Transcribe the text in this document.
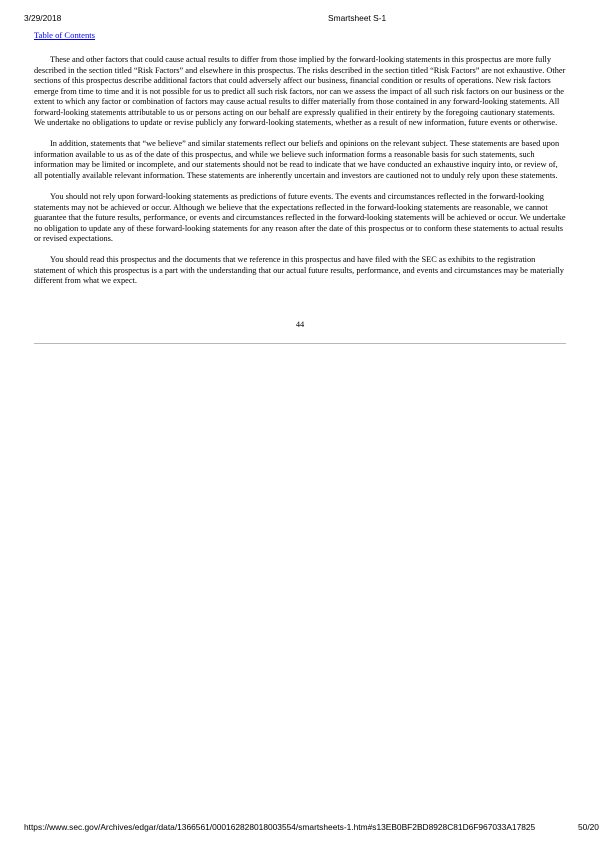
3/29/2018	Smartsheet S-1
Table of Contents

These and other factors that could cause actual results to differ from those implied by the forward-looking statements in this prospectus are more fully described in the section titled “Risk Factors” and elsewhere in this prospectus. The risks described in the section titled “Risk Factors” are not exhaustive. Other sections of this prospectus describe additional factors that could adversely affect our business, financial condition or results of operations. New risk factors emerge from time to time and it is not possible for us to predict all such risk factors, nor can we assess the impact of all such risk factors on our business or the extent to which any factor or combination of factors may cause actual results to differ materially from those contained in any forward-looking statements. All forward-looking statements attributable to us or persons acting on our behalf are expressly qualified in their entirety by the foregoing cautionary statements. We undertake no obligations to update or revise publicly any forward-looking statements, whether as a result of new information, future events or otherwise.

In addition, statements that “we believe” and similar statements reflect our beliefs and opinions on the relevant subject. These statements are based upon information available to us as of the date of this prospectus, and while we believe such information forms a reasonable basis for such statements, such information may be limited or incomplete, and our statements should not be read to indicate that we have conducted an exhaustive inquiry into, or review of, all potentially available relevant information. These statements are inherently uncertain and investors are cautioned not to unduly rely upon these statements.

You should not rely upon forward-looking statements as predictions of future events. The events and circumstances reflected in the forward-looking statements may not be achieved or occur. Although we believe that the expectations reflected in the forward-looking statements are reasonable, we cannot guarantee that the future results, performance, or events and circumstances reflected in the forward-looking statements will be achieved or occur. We undertake no obligation to update any of these forward-looking statements for any reason after the date of this prospectus or to conform these statements to actual results or revised expectations.

You should read this prospectus and the documents that we reference in this prospectus and have filed with the SEC as exhibits to the registration statement of which this prospectus is a part with the understanding that our actual future results, performance, and events and circumstances may be materially different from what we expect.

44
https://www.sec.gov/Archives/edgar/data/1366561/000162828018003554/smartsheets-1.htm#s13EB0BF2BD8928C81D6F967033A17825	50/20
